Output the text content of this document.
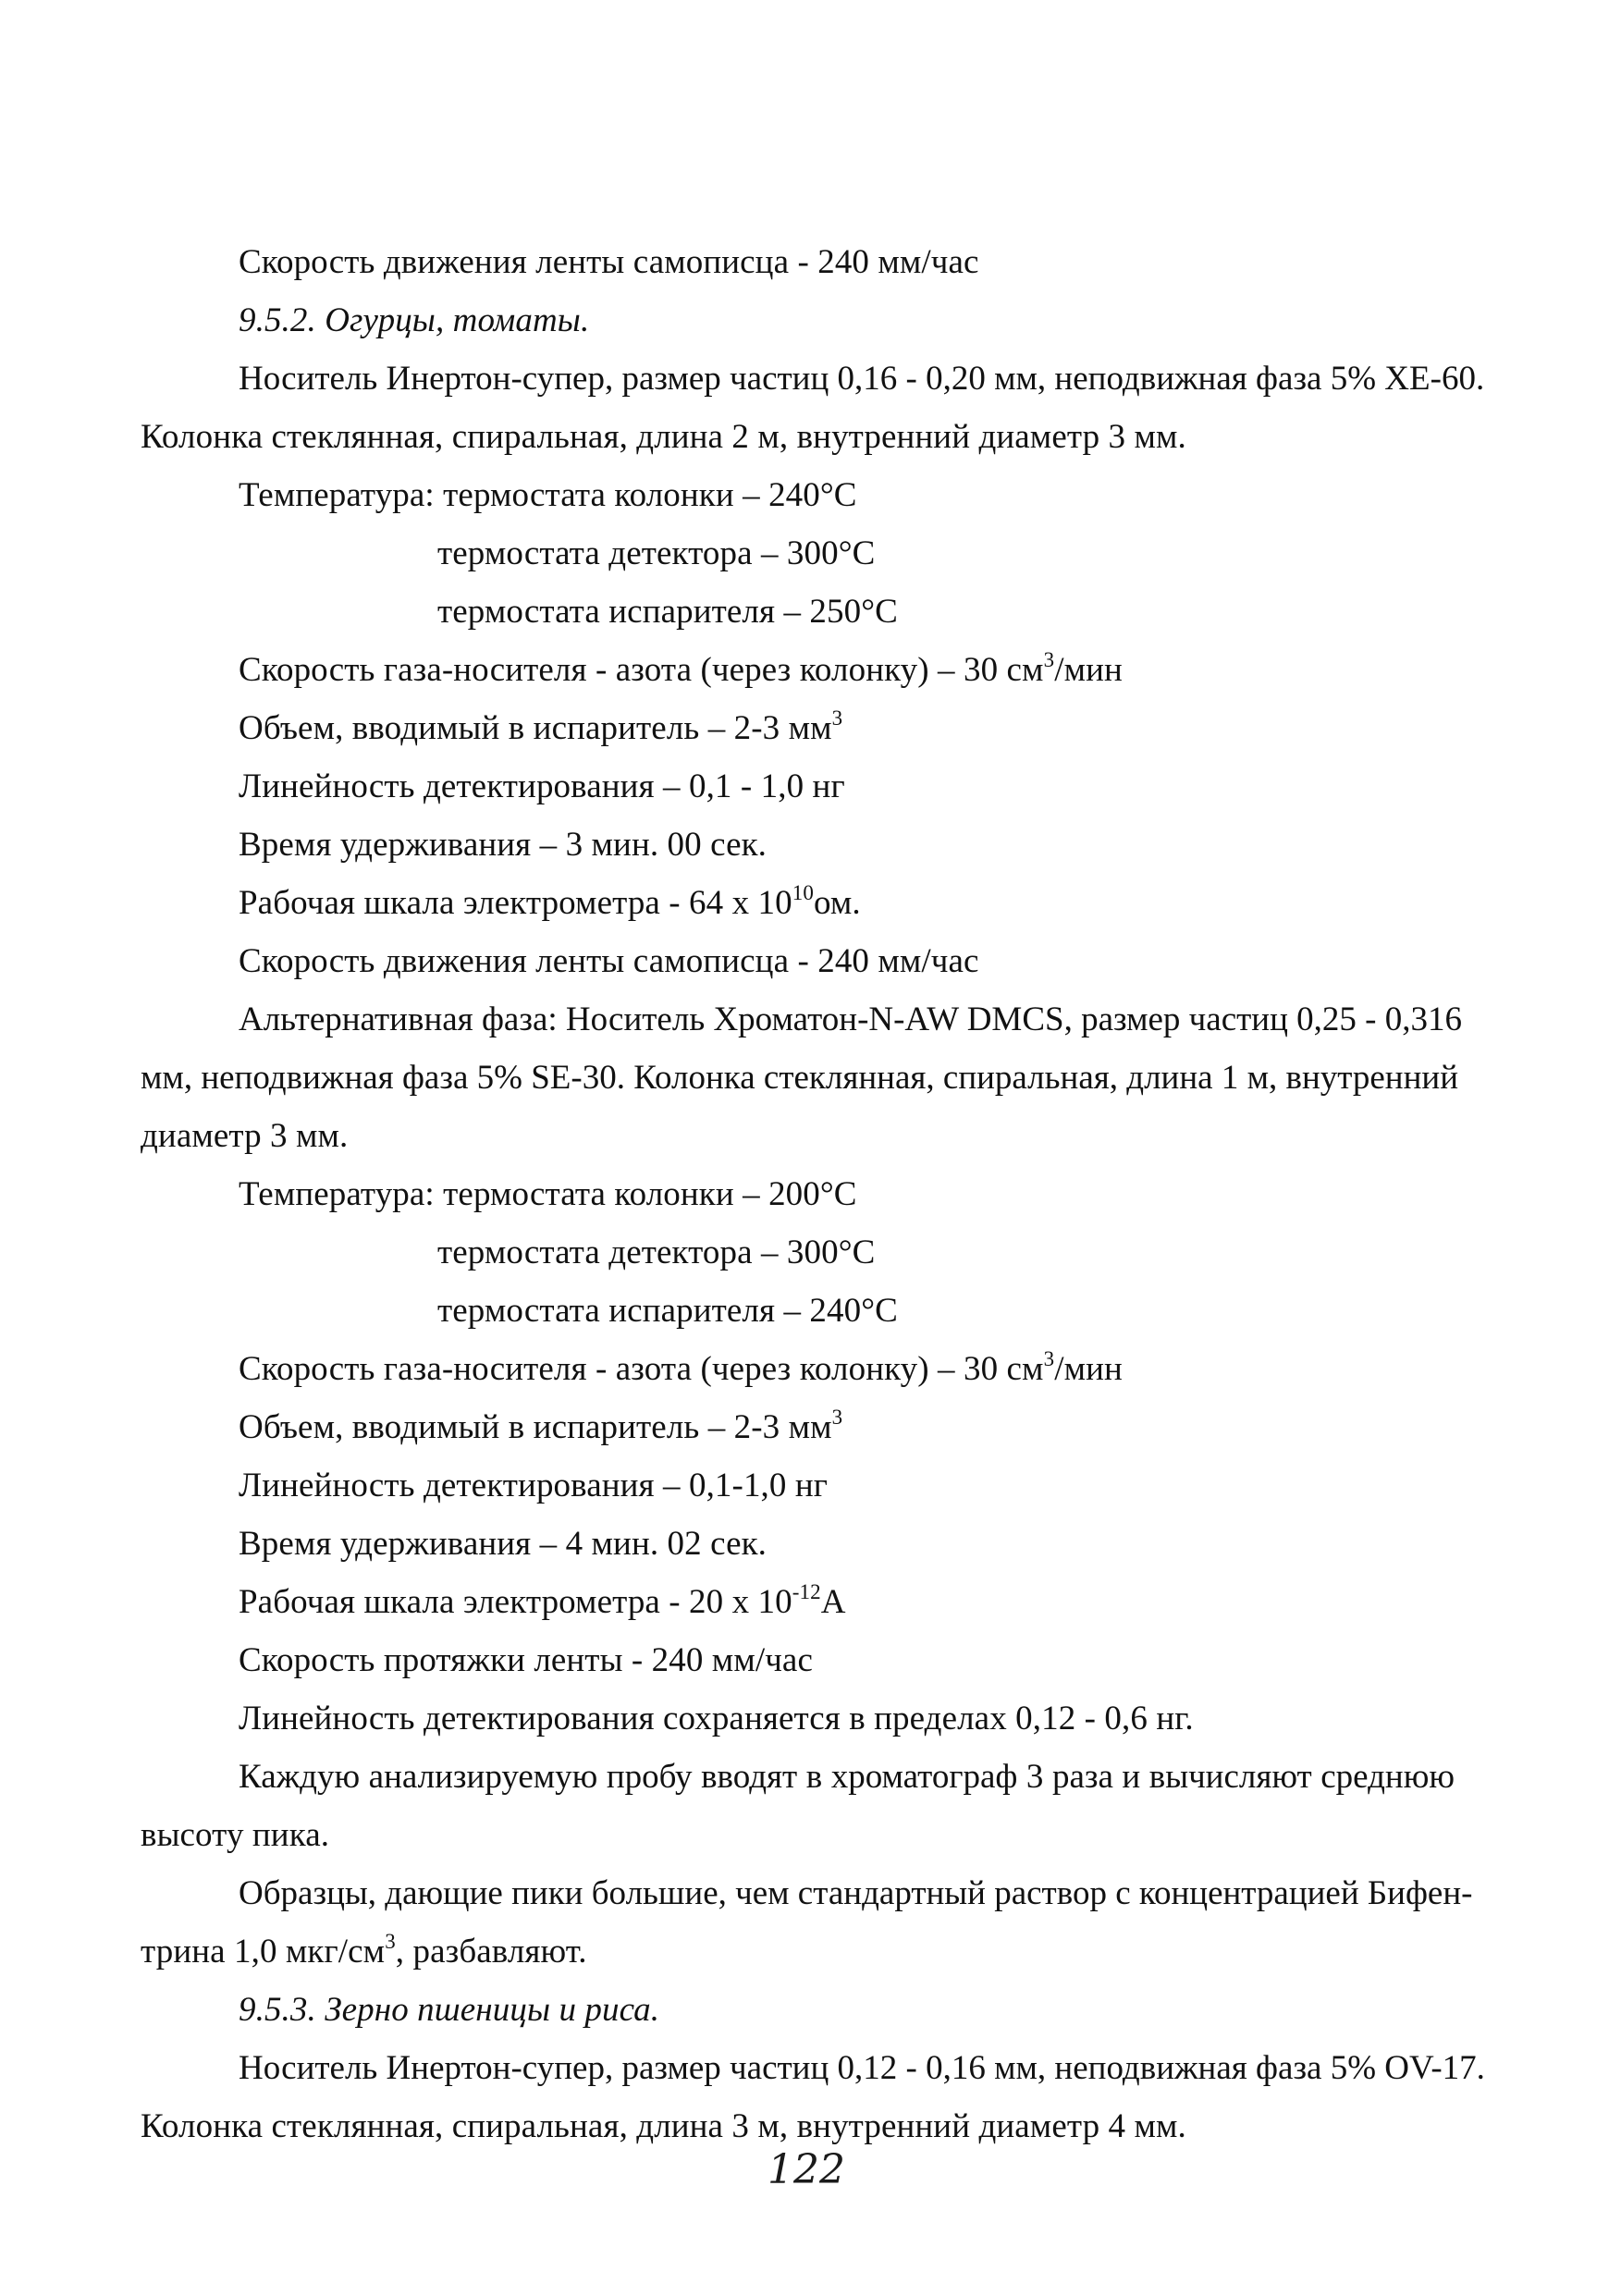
Скорость движения ленты самописца - 240 мм/час
9.5.2. Огурцы, томаты.
Носитель Инертон-супер, размер частиц 0,16 - 0,20 мм, неподвижная фаза 5% XE-60.
Колонка стеклянная, спиральная, длина 2 м, внутренний диаметр 3 мм.
Температура: термостата колонки – 240°С
термостата детектора – 300°С
термостата испарителя – 250°С
Скорость газа-носителя - азота (через колонку) – 30 $см^3$/мин
Объем, вводимый в испаритель – 2-3 $мм^3$
Линейность детектирования – 0,1 - 1,0 нг
Время удерживания – 3 мин. 00 сек.
Рабочая шкала электрометра - 64 х $10^{10}ом$.
Скорость движения ленты самописца - 240 мм/час
Альтернативная фаза: Носитель Хроматон-N-AW DMCS, размер частиц 0,25 - 0,316
мм, неподвижная фаза 5% SE-30. Колонка стеклянная, спиральная, длина 1 м, внутренний
диаметр 3 мм.
Температура: термостата колонки – 200°С
термостата детектора – 300°С
термостата испарителя – 240°С
Скорость газа-носителя - азота (через колонку) – 30 $см^3$/мин
Объем, вводимый в испаритель – 2-3 $мм^3$
Линейность детектирования – 0,1-1,0 нг
Время удерживания – 4 мин. 02 сек.
Рабочая шкала электрометра - 20 х $10^{-12}А$
Скорость протяжки ленты - 240 мм/час
Линейность детектирования сохраняется в пределах 0,12 - 0,6 нг.
Каждую анализируемую пробу вводят в хроматограф 3 раза и вычисляют среднюю
высоту пика.
Образцы, дающие пики большие, чем стандартный раствор с концентрацией Бифен-
трина 1,0 мкг/$см^3$, разбавляют.
9.5.3. Зерно пшеницы и риса.
Носитель Инертон-супер, размер частиц 0,12 - 0,16 мм, неподвижная фаза 5% OV-17.
Колонка стеклянная, спиральная, длина 3 м, внутренний диаметр 4 мм.
122
